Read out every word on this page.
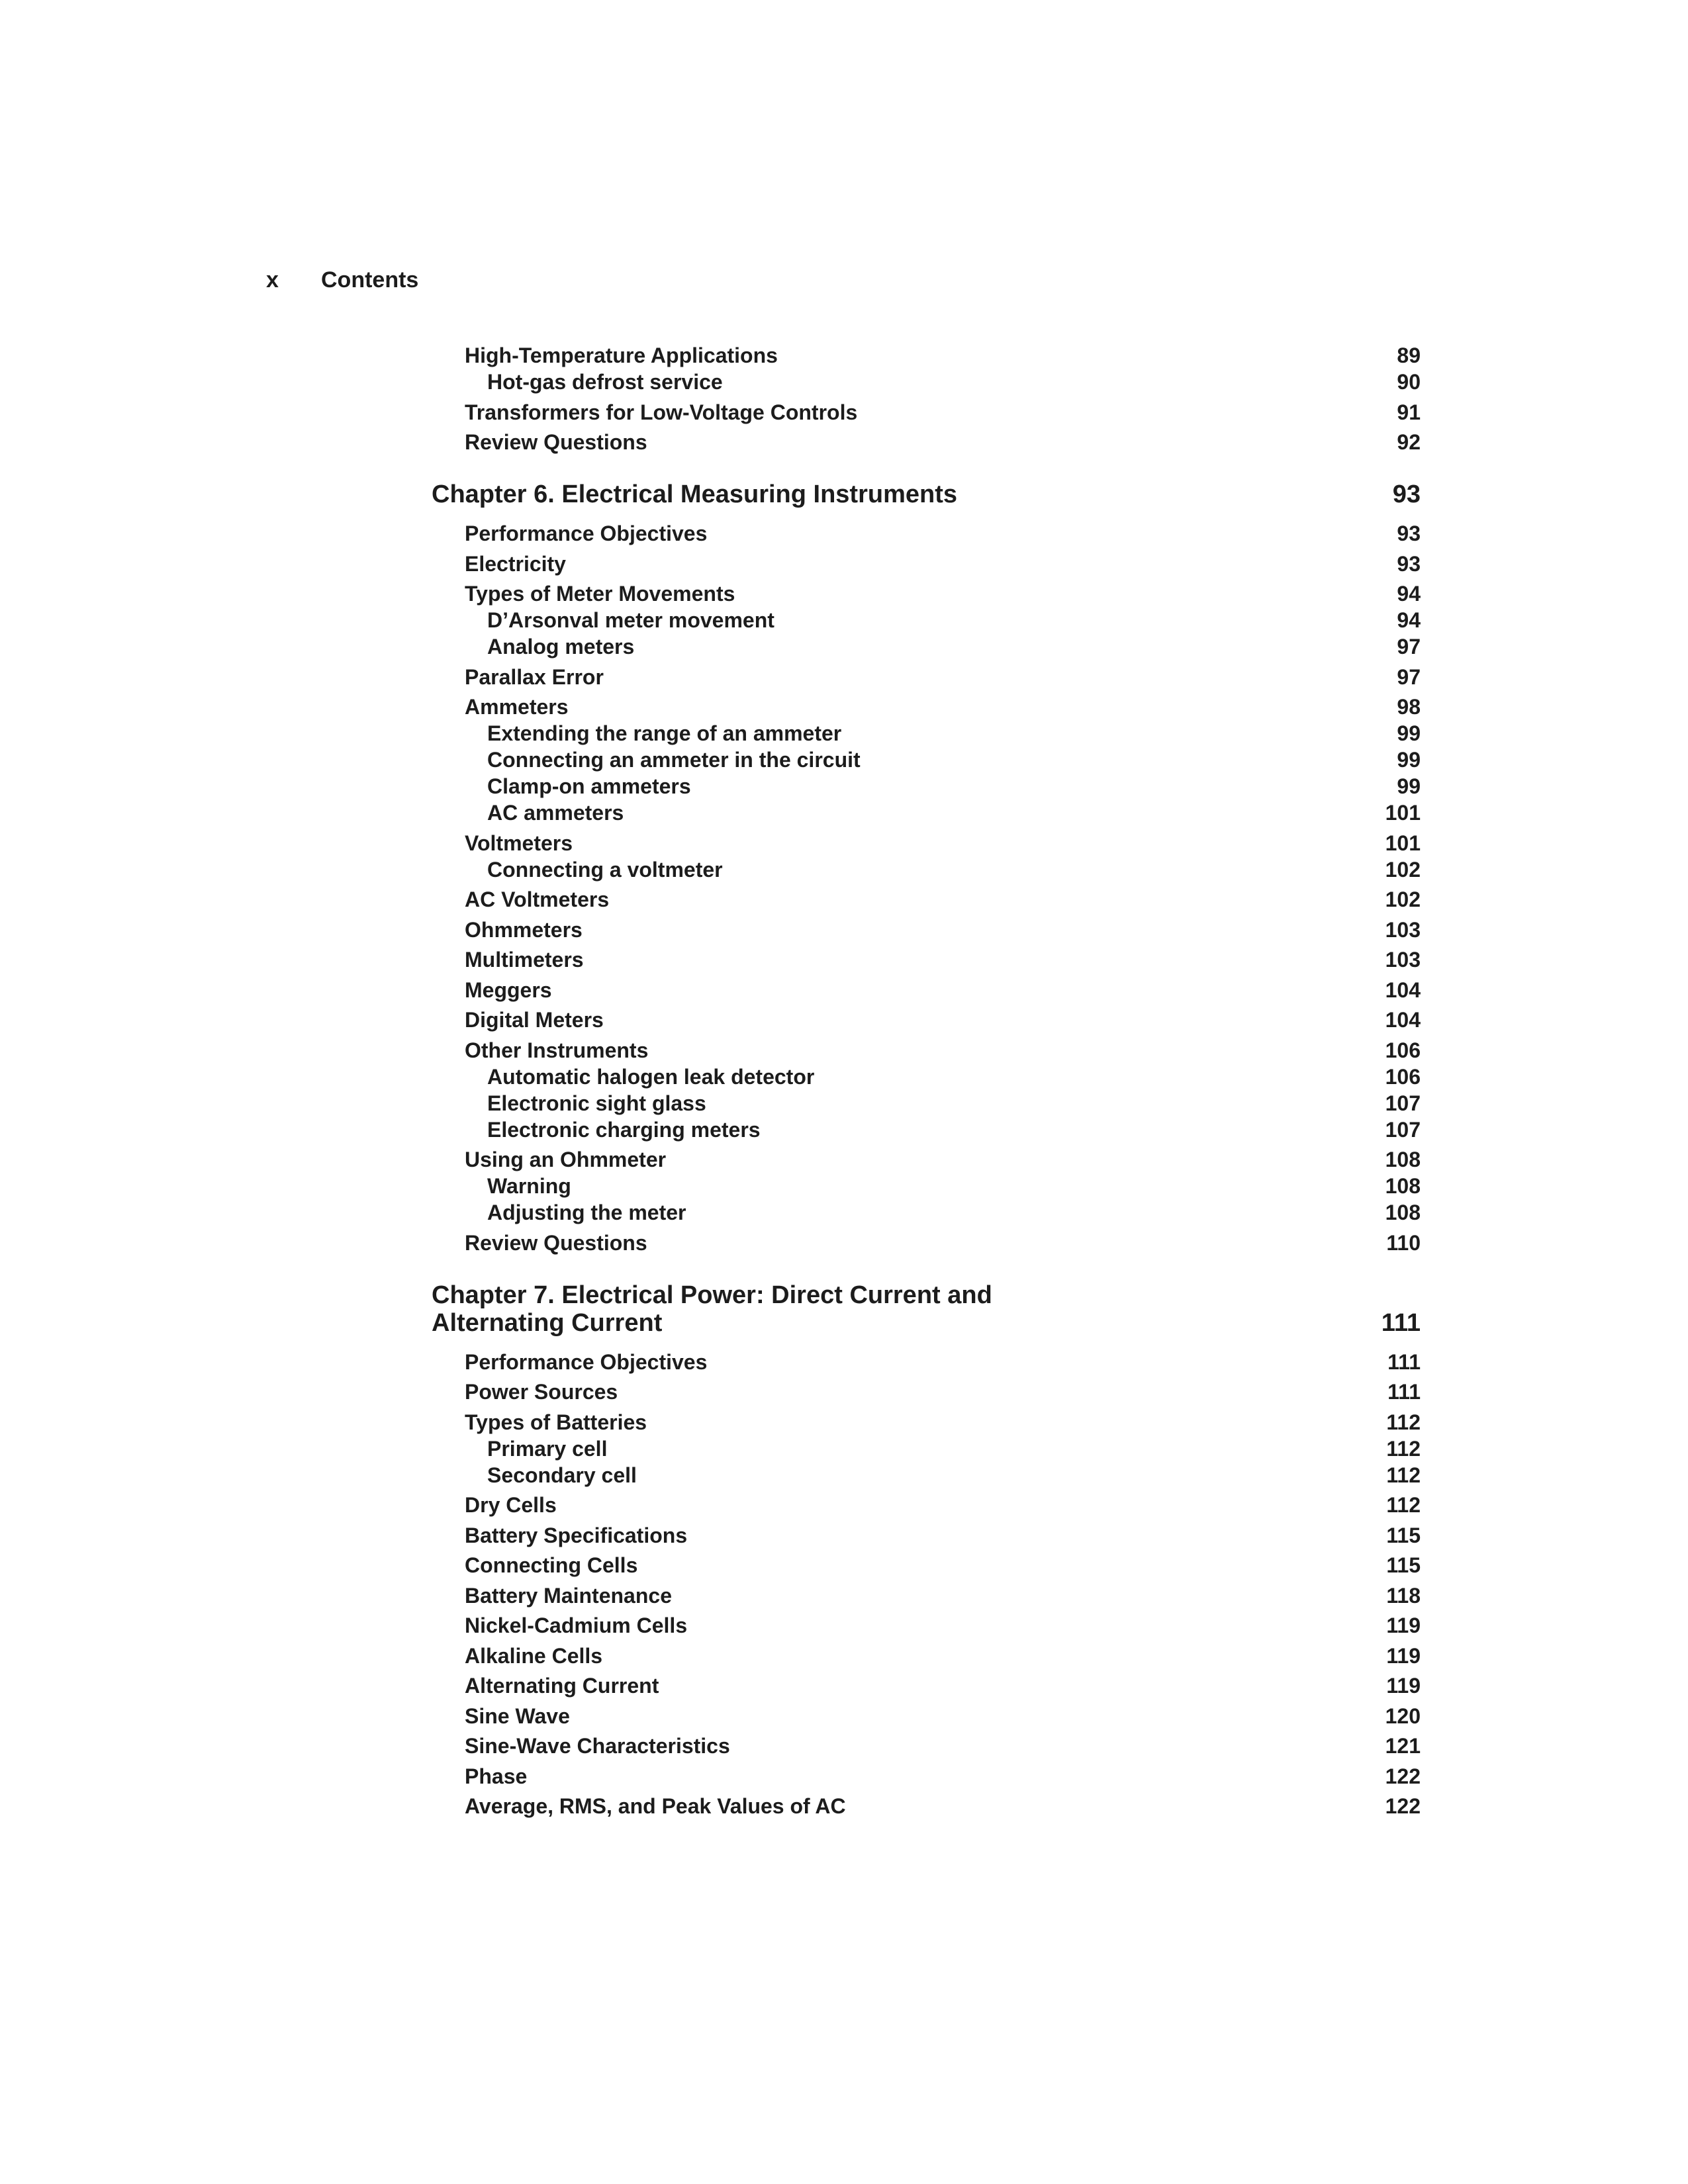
x Contents
High-Temperature Applications	89
Hot-gas defrost service	90
Transformers for Low-Voltage Controls	91
Review Questions	92
Chapter 6. Electrical Measuring Instruments	93
Performance Objectives	93
Electricity	93
Types of Meter Movements	94
D’Arsonval meter movement	94
Analog meters	97
Parallax Error	97
Ammeters	98
Extending the range of an ammeter	99
Connecting an ammeter in the circuit	99
Clamp-on ammeters	99
AC ammeters	101
Voltmeters	101
Connecting a voltmeter	102
AC Voltmeters	102
Ohmmeters	103
Multimeters	103
Meggers	104
Digital Meters	104
Other Instruments	106
Automatic halogen leak detector	106
Electronic sight glass	107
Electronic charging meters	107
Using an Ohmmeter	108
Warning	108
Adjusting the meter	108
Review Questions	110
Chapter 7. Electrical Power: Direct Current and Alternating Current	111
Performance Objectives	111
Power Sources	111
Types of Batteries	112
Primary cell	112
Secondary cell	112
Dry Cells	112
Battery Specifications	115
Connecting Cells	115
Battery Maintenance	118
Nickel-Cadmium Cells	119
Alkaline Cells	119
Alternating Current	119
Sine Wave	120
Sine-Wave Characteristics	121
Phase	122
Average, RMS, and Peak Values of AC	122
